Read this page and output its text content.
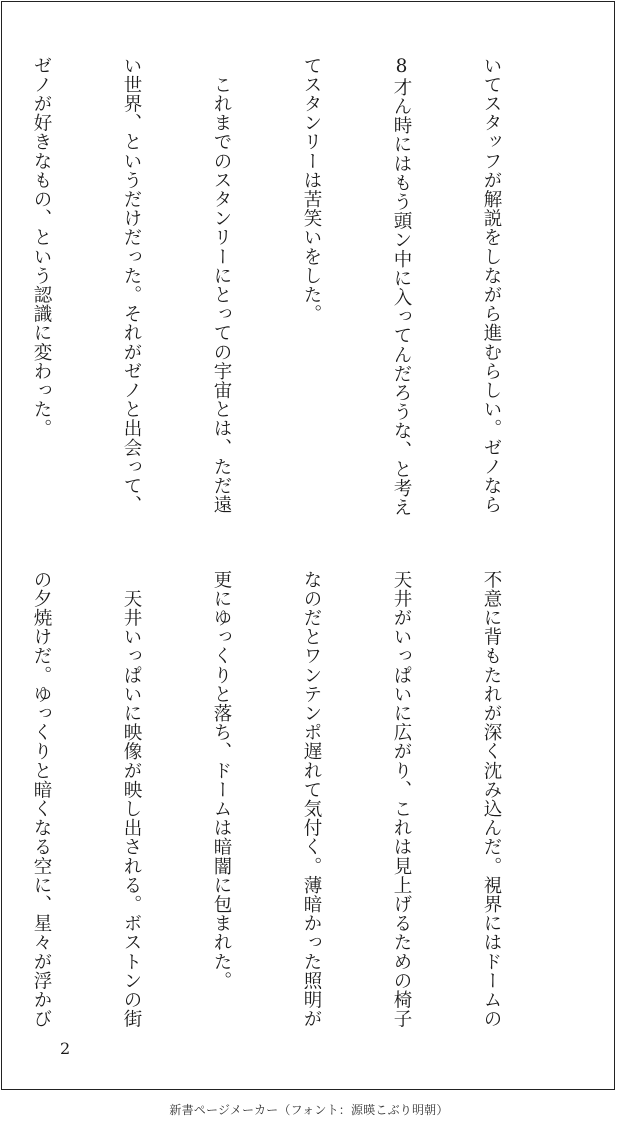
いてスタッフが解説をしながら進むらしい。ゼノなら

8才ん時にはもう頭ン中に入ってんだろうな、と考え

てスタンリーは苦笑いをした。

　これまでのスタンリーにとっての宇宙とは、ただ遠

い世界、というだけだった。それがゼノと出会って、

ゼノが好きなもの、という認識に変わった。

不意に背もたれが深く沈み込んだ。視界にはドームの

天井がいっぱいに広がり、これは見上げるための椅子

なのだとワンテンポ遅れて気付く。薄暗かった照明が

更にゆっくりと落ち、ドームは暗闇に包まれた。

　天井いっぱいに映像が映し出される。ボストンの街

の夕焼けだ。ゆっくりと暗くなる空に、星々が浮かび

2
新書ページメーカー（フォント：源暎こぶり明朝）
